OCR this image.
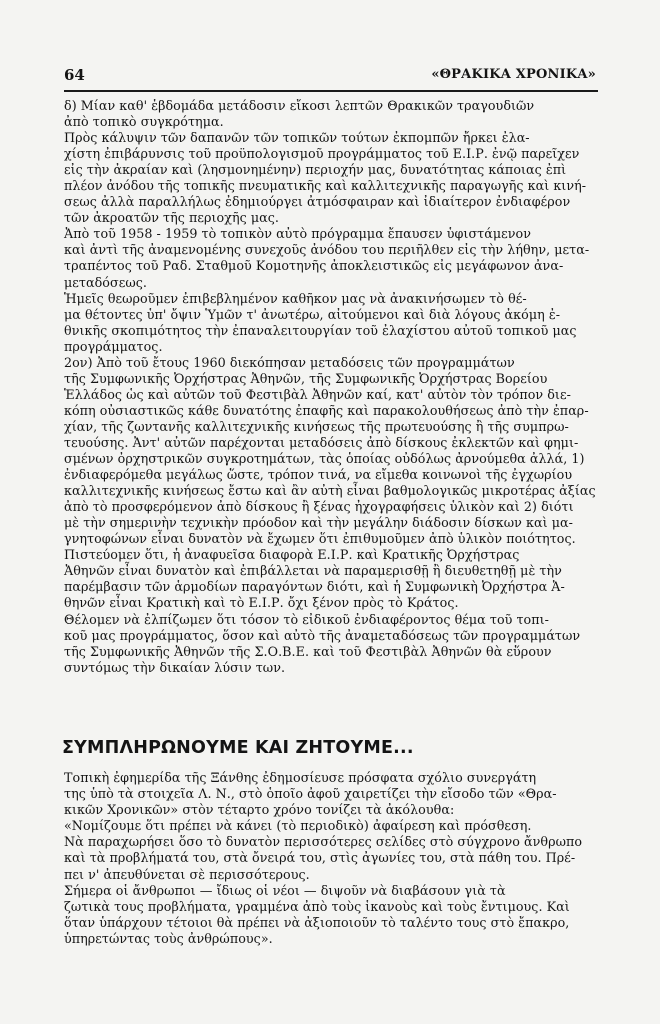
64	«ΘΡΑΚΙΚΑ ΧΡΟΝΙΚΑ»

δ) Μίαν καθ' ἑβδομάδα μετάδοσιν εἴκοσι λεπτῶν Θρακικῶν τραγουδιῶν
ἀπὸ τοπικὸ συγκρότημα.

Πρὸς κάλυψιν τῶν δαπανῶν τῶν τοπικῶν τούτων ἐκπομπῶν ἤρκει ἐλα-
χίστη ἐπιβάρυνσις τοῦ προϋπολογισμοῦ προγράμματος τοῦ Ε.Ι.Ρ. ἐνῷ παρεῖχεν
εἰς τὴν ἀκραίαν καὶ (λησμονημένην) περιοχήν μας, δυνατότητας κάποιας ἐπὶ
πλέον ἀνόδου τῆς τοπικῆς πνευματικῆς καὶ καλλιτεχνικῆς παραγωγῆς καὶ κινή-
σεως ἀλλὰ παραλλήλως ἐδημιούργει ἀτμόσφαιραν καὶ ἰδιαίτερον ἐνδιαφέρον
τῶν ἀκροατῶν τῆς περιοχῆς μας.

Ἀπὸ τοῦ 1958 - 1959 τὸ τοπικὸν αὐτὸ πρόγραμμα ἔπαυσεν ὑφιστάμενον
καὶ ἀντὶ τῆς ἀναμενομένης συνεχοῦς ἀνόδου του περιῆλθεν εἰς τὴν λήθην, μετα-
τραπέντος τοῦ Ραδ. Σταθμοῦ Κομοτηνῆς ἀποκλειστικῶς εἰς μεγάφωνον ἀνα-
μεταδόσεως.

Ἡμεῖς θεωροῦμεν ἐπιβεβλημένον καθῆκον μας νὰ ἀνακινήσωμεν τὸ θέ-
μα θέτοντες ὑπ' ὄψιν Ὑμῶν τ' ἀνωτέρω, αἰτούμενοι καὶ διὰ λόγους ἀκόμη ἐ-
θνικῆς σκοπιμότητος τὴν ἐπαναλειτουργίαν τοῦ ἐλαχίστου αὐτοῦ τοπικοῦ μας
προγράμματος.

2ον) Ἀπὸ τοῦ ἔτους 1960 διεκόπησαν μεταδόσεις τῶν προγραμμάτων
τῆς Συμφωνικῆς Ὀρχήστρας Ἀθηνῶν, τῆς Συμφωνικῆς Ὀρχήστρας Βορείου
Ἑλλάδος ὡς καὶ αὐτῶν τοῦ Φεστιβὰλ Ἀθηνῶν καί, κατ' αὐτὸν τὸν τρόπον διε-
κόπη οὐσιαστικῶς κάθε δυνατότης ἐπαφῆς καὶ παρακολουθήσεως ἀπὸ τὴν ἐπαρ-
χίαν, τῆς ζωντανῆς καλλιτεχνικῆς κινήσεως τῆς πρωτευούσης ἢ τῆς συμπρω-
τευούσης. Ἀντ' αὐτῶν παρέχονται μεταδόσεις ἀπὸ δίσκους ἐκλεκτῶν καὶ φημι-
σμένων ὀρχηστρικῶν συγκροτημάτων, τὰς ὁποίας οὐδόλως ἀρνούμεθα ἀλλά, 1)
ἐνδιαφερόμεθα μεγάλως ὥστε, τρόπον τινά, να εἴμεθα κοινωνοὶ τῆς ἐγχωρίου
καλλιτεχνικῆς κινήσεως ἔστω καὶ ἂν αὐτὴ εἶναι βαθμολογικῶς μικροτέρας ἀξίας
ἀπὸ τὸ προσφερόμενον ἀπὸ δίσκους ἢ ξένας ἠχογραφήσεις ὑλικὸν καὶ 2) διότι
μὲ τὴν σημερινὴν τεχνικὴν πρόοδον καὶ τὴν μεγάλην διάδοσιν δίσκων καὶ μα-
γνητοφώνων εἶναι δυνατὸν νὰ ἔχωμεν ὅτι ἐπιθυμοῦμεν ἀπὸ ὑλικὸν ποιότητος.

Πιστεύομεν ὅτι, ἡ ἀναφυεῖσα διαφορὰ Ε.Ι.Ρ. καὶ Κρατικῆς Ὀρχήστρας
Ἀθηνῶν εἶναι δυνατὸν καὶ ἐπιβάλλεται νὰ παραμερισθῇ ἢ διευθετηθῇ μὲ τὴν
παρέμβασιν τῶν ἁρμοδίων παραγόντων διότι, καὶ ἡ Συμφωνικὴ Ὀρχήστρα Ἀ-
θηνῶν εἶναι Κρατικὴ καὶ τὸ Ε.Ι.Ρ. ὄχι ξένον πρὸς τὸ Κράτος.

Θέλομεν νὰ ἐλπίζωμεν ὅτι τόσον τὸ εἰδικοῦ ἐνδιαφέροντος θέμα τοῦ τοπι-
κοῦ μας προγράμματος, ὅσον καὶ αὐτὸ τῆς ἀναμεταδόσεως τῶν προγραμμάτων
τῆς Συμφωνικῆς Ἀθηνῶν τῆς Σ.Ο.Β.Ε. καὶ τοῦ Φεστιβὰλ Ἀθηνῶν θὰ εὕρουν
συντόμως τὴν δικαίαν λύσιν των.

ΣΥΜΠΛΗΡΩΝΟΥΜΕ ΚΑΙ ΖΗΤΟΥΜΕ...

Τοπικὴ ἐφημερίδα τῆς Ξάνθης ἐδημοσίευσε πρόσφατα σχόλιο συνεργάτη
της ὑπὸ τὰ στοιχεῖα Λ. Ν., στὸ ὁποῖο ἀφοῦ χαιρετίζει τὴν εἴσοδο τῶν «Θρα-
κικῶν Χρονικῶν» στὸν τέταρτο χρόνο τονίζει τὰ ἀκόλουθα:

«Νομίζουμε ὅτι πρέπει νὰ κάνει (τὸ περιοδικὸ) ἀφαίρεση καὶ πρόσθεση.
Νὰ παραχωρήσει ὅσο τὸ δυνατὸν περισσότερες σελίδες στὸ σύγχρονο ἄνθρωπο
καὶ τὰ προβλήματά του, στὰ ὄνειρά του, στὶς ἀγωνίες του, στὰ πάθη του. Πρέ-
πει ν' ἀπευθύνεται σὲ περισσότερους.

Σήμερα οἱ ἄνθρωποι — ἴδιως οἱ νέοι — διψοῦν νὰ διαβάσουν γιὰ τὰ
ζωτικὰ τους προβλήματα, γραμμένα ἀπὸ τοὺς ἱκανοὺς καὶ τοὺς ἔντιμους. Καὶ
ὅταν ὑπάρχουν τέτοιοι θὰ πρέπει νὰ ἀξιοποιοῦν τὸ ταλέντο τους στὸ ἔπακρο,
ὑπηρετώντας τοὺς ἀνθρώπους».
